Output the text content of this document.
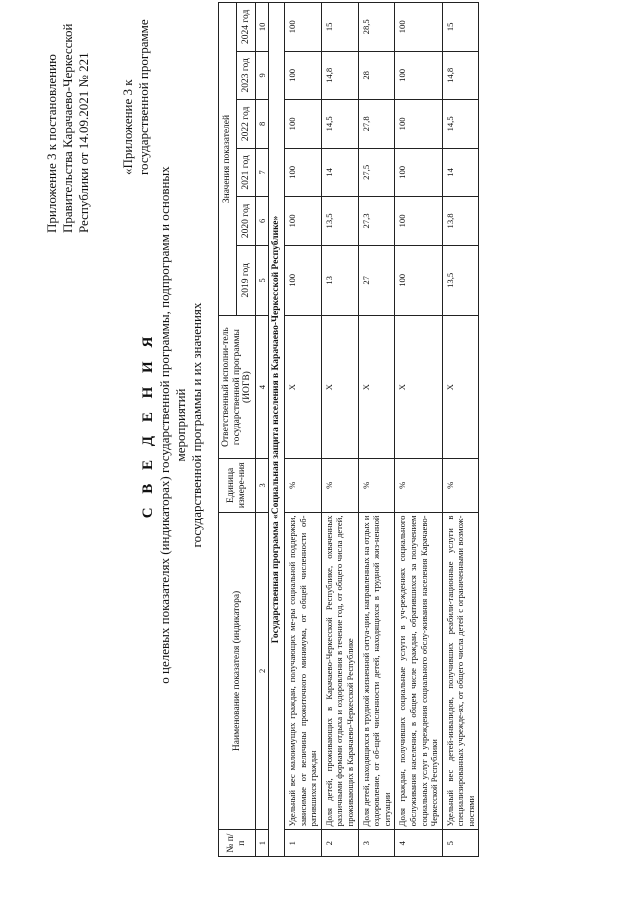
Приложение 3 к постановлению Правительства Карачаево-Черкесской Республики от 14.09.2021 № 221 «Приложение 3 к государственной программе
С В Е Д Е Н И Я о целевых показателях (индикаторах) государственной программы, подпрограмм и основных мероприятий государственной программы и их значениях
№ п/п	Наименование показателя (индикатора)	Единица измере-ния	Ответственный исполни-тель государственной программы (ИОГВ)	Значения показателей					
				2019 год	2020 год	2021 год	2022 год	2023 год	2024 год
1	2	3	4	5	6	7	8	9	10
Государственная программа «Социальная защита населения в Карачаево-Черкесской Республике»									
1	Удельный вес малоимущих граждан, получающих ме-ры социальной поддержки, зависимые от величины прожиточного минимума, от общей численности об-ратившихся граждан	%	Х	100	100	100	100	100	100
2	Доля детей, проживающих в Карачаево-Черкесской Республике, охваченных различными формами отдыха и оздоровления в течение год, от общего числа детей, проживающих в Карачаево-Черкесской Республике	%	Х	13	13,5	14	14,5	14,8	15
3	Доля детей, находящихся в трудной жизненной ситуа-ции, направленных на отдых и оздоровление, от об-щей численности детей, находящихся в трудной жиз-ненной ситуации	%	Х	27	27,3	27,5	27,8	28	28,5
4	Доля граждан, получивших социальные услуги в уч-реждениях социального обслуживания населения, в общем числе граждан, обратившихся за получением социальных услуг в учреждения социального обслу-живания населения Карачаево-Черкесской Республики	%	Х	100	100	100	100	100	100
5	Удельный вес детей-инвалидов, получивших реабили-тационные услуги в специализированных учрежде-ях, от общего числа детей с ограниченными возмож-ностями	%	Х	13,5	13,8	14	14,5	14,8	15
